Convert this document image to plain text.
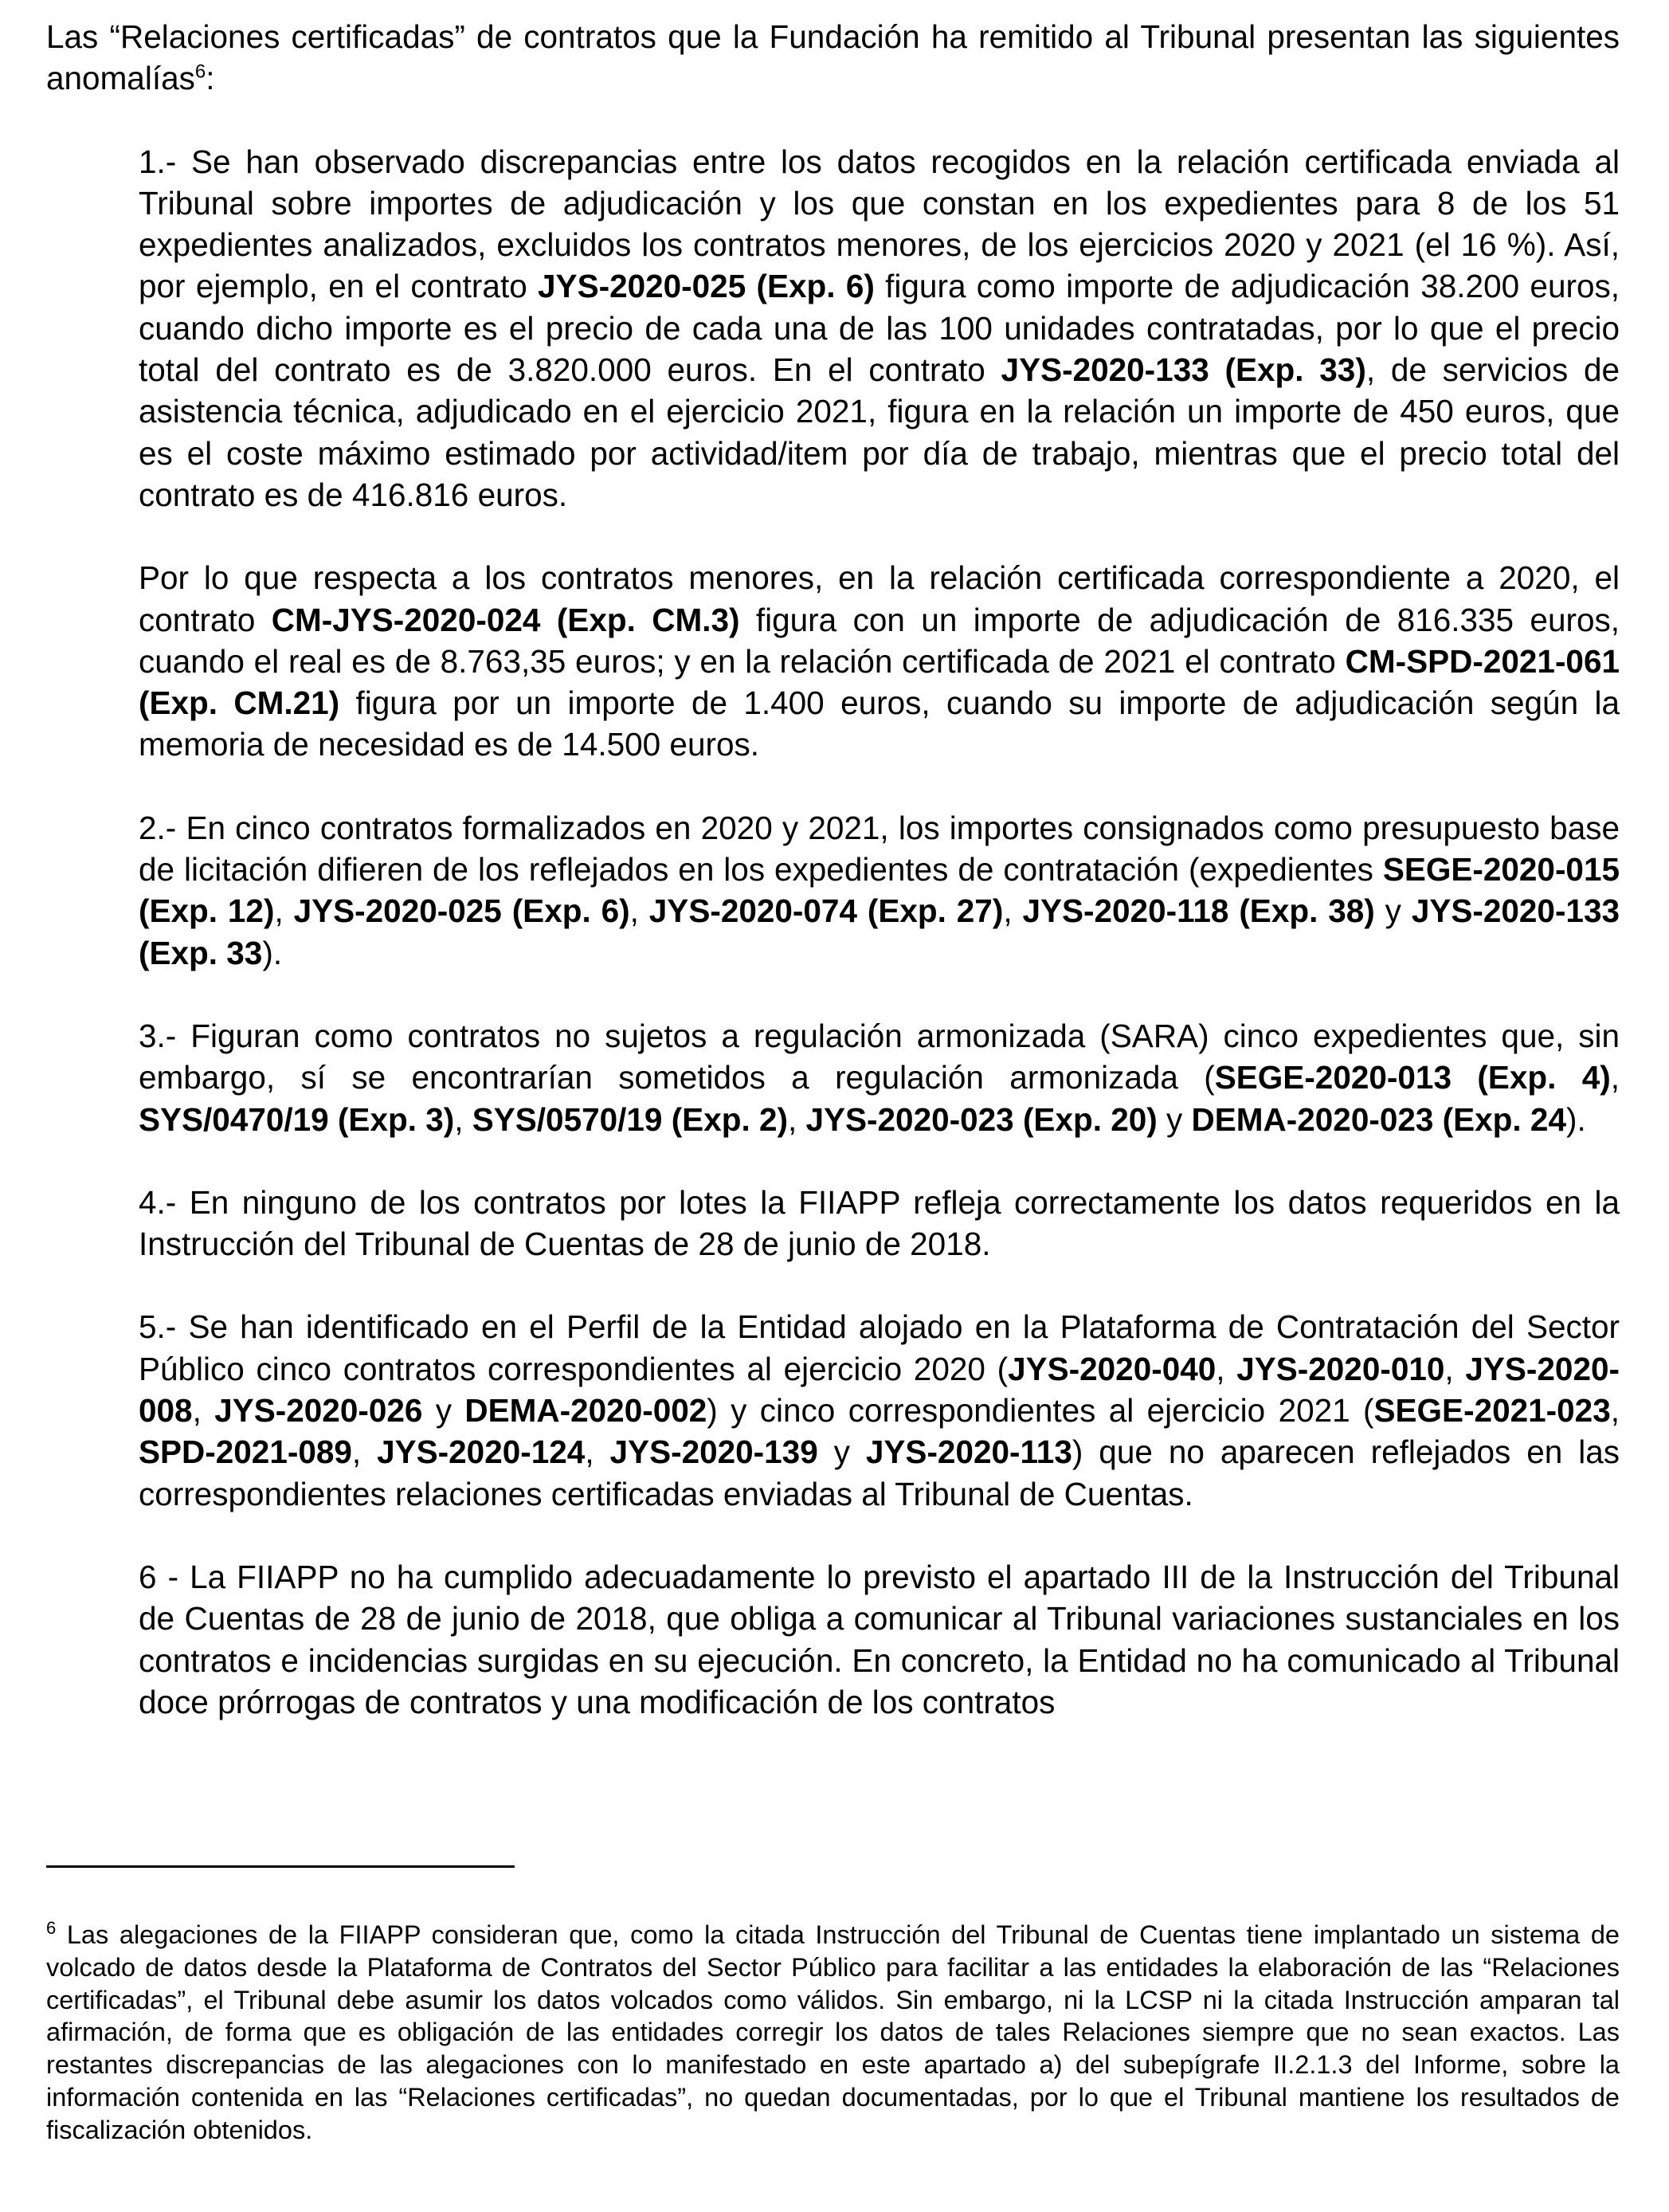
Las “Relaciones certificadas” de contratos que la Fundación ha remitido al Tribunal presentan las siguientes anomalías$^6$:

1.- Se han observado discrepancias entre los datos recogidos en la relación certificada enviada al Tribunal sobre importes de adjudicación y los que constan en los expedientes para 8 de los 51 expedientes analizados, excluidos los contratos menores, de los ejercicios 2020 y 2021 (el 16 %). Así, por ejemplo, en el contrato JYS-2020-025 (Exp. 6) figura como importe de adjudicación 38.200 euros, cuando dicho importe es el precio de cada una de las 100 unidades contratadas, por lo que el precio total del contrato es de 3.820.000 euros. En el contrato JYS-2020-133 (Exp. 33), de servicios de asistencia técnica, adjudicado en el ejercicio 2021, figura en la relación un importe de 450 euros, que es el coste máximo estimado por actividad/item por día de trabajo, mientras que el precio total del contrato es de 416.816 euros.

Por lo que respecta a los contratos menores, en la relación certificada correspondiente a 2020, el contrato CM-JYS-2020-024 (Exp. CM.3) figura con un importe de adjudicación de 816.335 euros, cuando el real es de 8.763,35 euros; y en la relación certificada de 2021 el contrato CM-SPD-2021-061 (Exp. CM.21) figura por un importe de 1.400 euros, cuando su importe de adjudicación según la memoria de necesidad es de 14.500 euros.

2.- En cinco contratos formalizados en 2020 y 2021, los importes consignados como presupuesto base de licitación difieren de los reflejados en los expedientes de contratación (expedientes SEGE-2020-015 (Exp. 12), JYS-2020-025 (Exp. 6), JYS-2020-074 (Exp. 27), JYS-2020-118 (Exp. 38) y JYS-2020-133 (Exp. 33).

3.- Figuran como contratos no sujetos a regulación armonizada (SARA) cinco expedientes que, sin embargo, sí se encontrarían sometidos a regulación armonizada (SEGE-2020-013 (Exp. 4), SYS/0470/19 (Exp. 3), SYS/0570/19 (Exp. 2), JYS-2020-023 (Exp. 20) y DEMA-2020-023 (Exp. 24).

4.- En ninguno de los contratos por lotes la FIIAPP refleja correctamente los datos requeridos en la Instrucción del Tribunal de Cuentas de 28 de junio de 2018.

5.- Se han identificado en el Perfil de la Entidad alojado en la Plataforma de Contratación del Sector Público cinco contratos correspondientes al ejercicio 2020 (JYS-2020-040, JYS-2020-010, JYS-2020-008, JYS-2020-026 y DEMA-2020-002) y cinco correspondientes al ejercicio 2021 (SEGE-2021-023, SPD-2021-089, JYS-2020-124, JYS-2020-139 y JYS-2020-113) que no aparecen reflejados en las correspondientes relaciones certificadas enviadas al Tribunal de Cuentas.

6 - La FIIAPP no ha cumplido adecuadamente lo previsto el apartado III de la Instrucción del Tribunal de Cuentas de 28 de junio de 2018, que obliga a comunicar al Tribunal variaciones sustanciales en los contratos e incidencias surgidas en su ejecución. En concreto, la Entidad no ha comunicado al Tribunal doce prórrogas de contratos y una modificación de los contratos

$^6$ Las alegaciones de la FIIAPP consideran que, como la citada Instrucción del Tribunal de Cuentas tiene implantado un sistema de volcado de datos desde la Plataforma de Contratos del Sector Público para facilitar a las entidades la elaboración de las “Relaciones certificadas”, el Tribunal debe asumir los datos volcados como válidos. Sin embargo, ni la LCSP ni la citada Instrucción amparan tal afirmación, de forma que es obligación de las entidades corregir los datos de tales Relaciones siempre que no sean exactos. Las restantes discrepancias de las alegaciones con lo manifestado en este apartado a) del subepígrafe II.2.1.3 del Informe, sobre la información contenida en las “Relaciones certificadas”, no quedan documentadas, por lo que el Tribunal mantiene los resultados de fiscalización obtenidos.
